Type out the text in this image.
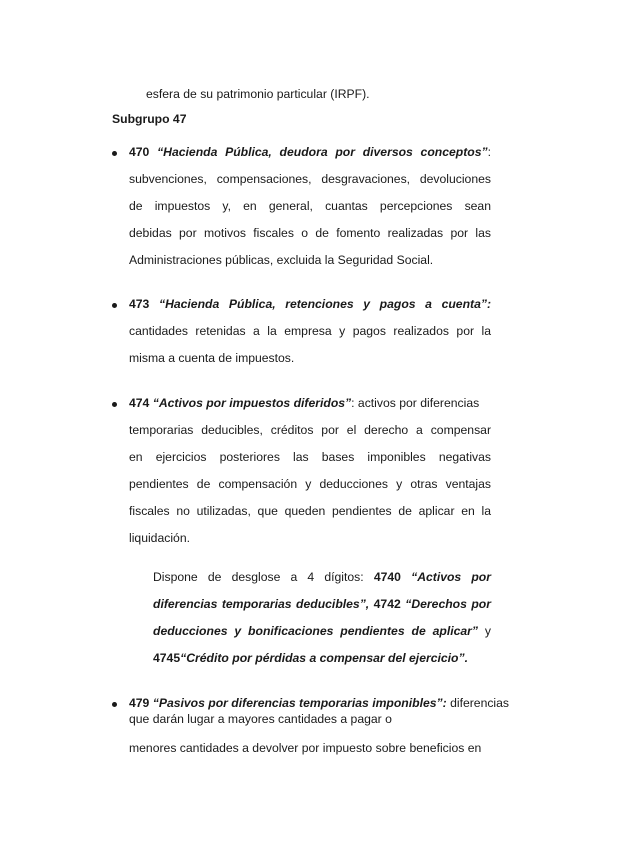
esfera de su patrimonio particular (IRPF).
Subgrupo 47
470 “Hacienda Pública, deudora por diversos conceptos”:
subvenciones, compensaciones, desgravaciones, devoluciones
de impuestos y, en general, cuantas percepciones sean
debidas por motivos fiscales o de fomento realizadas por las
Administraciones públicas, excluida la Seguridad Social.
473 “Hacienda Pública, retenciones y pagos a cuenta”:
cantidades retenidas a la empresa y pagos realizados por la
misma a cuenta de impuestos.
474 “Activos por impuestos diferidos”: activos por diferencias
temporarias deducibles, créditos por el derecho a compensar
en ejercicios posteriores las bases imponibles negativas
pendientes de compensación y deducciones y otras ventajas
fiscales no utilizadas, que queden pendientes de aplicar en la
liquidación.
Dispone de desglose a 4 dígitos: 4740 “Activos por
diferencias temporarias deducibles”, 4742 “Derechos por
deducciones y bonificaciones pendientes de aplicar” y
4745“Crédito por pérdidas a compensar del ejercicio”.
479 “Pasivos por diferencias temporarias imponibles”: diferencias
que darán lugar a mayores cantidades a pagar o
menores cantidades a devolver por impuesto sobre beneficios en
